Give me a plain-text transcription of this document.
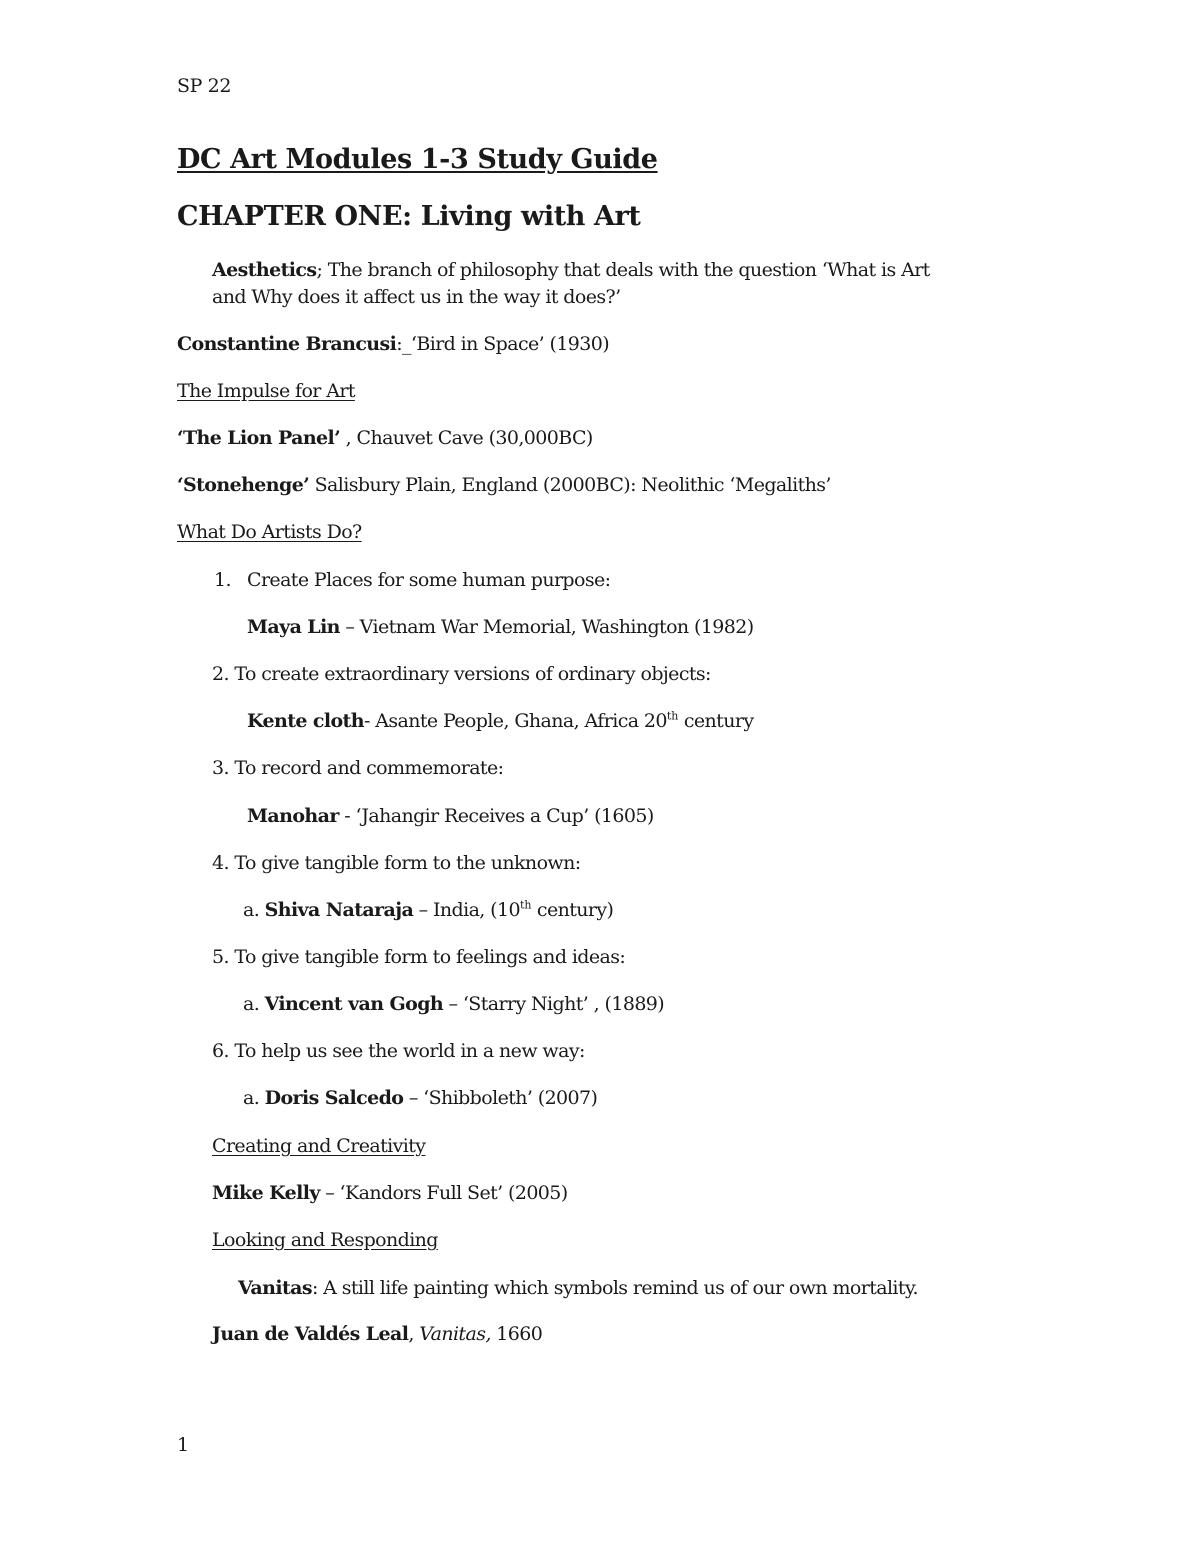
SP 22
DC Art Modules 1-3 Study Guide
CHAPTER ONE: Living with Art
Aesthetics; The branch of philosophy that deals with the question ‘What is Art
and Why does it affect us in the way it does?’
Constantine Brancusi:_‘Bird in Space’ (1930)
The Impulse for Art
‘The Lion Panel’ , Chauvet Cave (30,000BC)
‘Stonehenge’ Salisbury Plain, England (2000BC): Neolithic ‘Megaliths’
What Do Artists Do?
1. Create Places for some human purpose:
Maya Lin – Vietnam War Memorial, Washington (1982)
2. To create extraordinary versions of ordinary objects:
Kente cloth- Asante People, Ghana, Africa 20th century
3. To record and commemorate:
Manohar - ‘Jahangir Receives a Cup’ (1605)
4. To give tangible form to the unknown:
a. Shiva Nataraja – India, (10th century)
5. To give tangible form to feelings and ideas:
a. Vincent van Gogh – ‘Starry Night’ , (1889)
6. To help us see the world in a new way:
a. Doris Salcedo – ‘Shibboleth’ (2007)
Creating and Creativity
Mike Kelly – ‘Kandors Full Set’ (2005)
Looking and Responding
Vanitas: A still life painting which symbols remind us of our own mortality.
Juan de Valdés Leal, Vanitas, 1660
1
